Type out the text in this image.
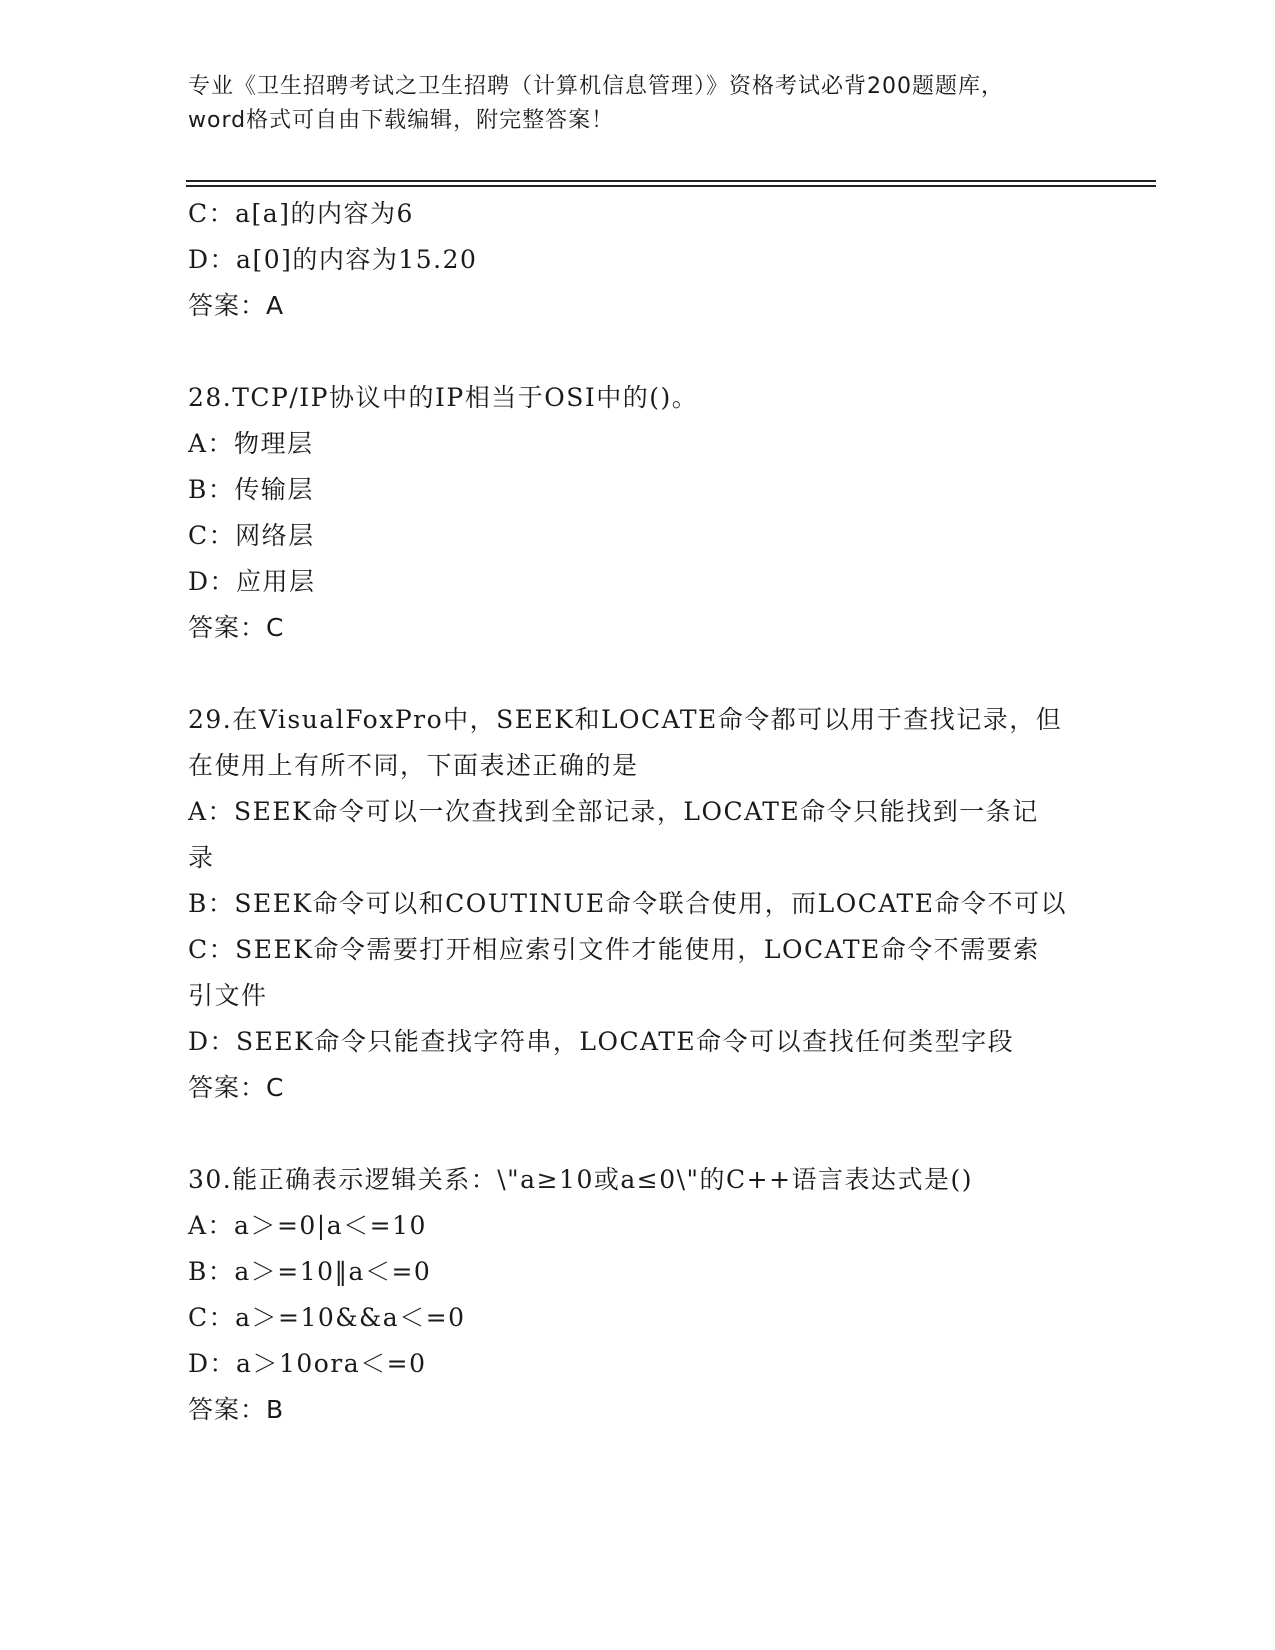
专业《卫生招聘考试之卫生招聘（计算机信息管理）》资格考试必背200题题库，
word格式可自由下载编辑，附完整答案！
C：a[a]的内容为6
D：a[0]的内容为15.20
答案：A
28.TCP/IP协议中的IP相当于OSI中的()。
A：物理层
B：传输层
C：网络层
D：应用层
答案：C
29.在VisualFoxPro中，SEEK和LOCATE命令都可以用于查找记录，但
在使用上有所不同，下面表述正确的是
A：SEEK命令可以一次查找到全部记录，LOCATE命令只能找到一条记
录
B：SEEK命令可以和COUTINUE命令联合使用，而LOCATE命令不可以
C：SEEK命令需要打开相应索引文件才能使用，LOCATE命令不需要索
引文件
D：SEEK命令只能查找字符串，LOCATE命令可以查找任何类型字段
答案：C
30.能正确表示逻辑关系：\"a≥10或a≤0\"的C++语言表达式是()
A：a＞=0|a＜=10
B：a＞=10‖a＜=0
C：a＞=10&&a＜=0
D：a＞10ora＜=0
答案：B
